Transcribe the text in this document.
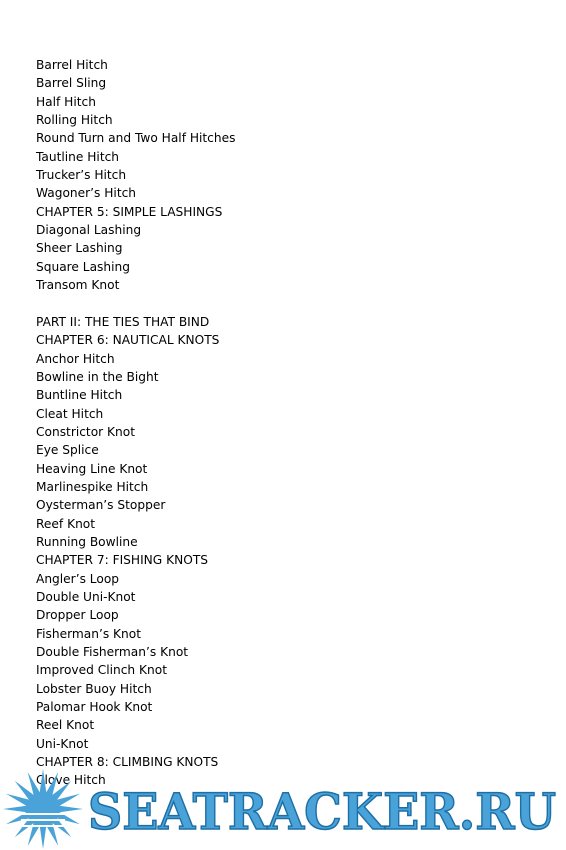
Barrel Hitch
Barrel Sling
Half Hitch
Rolling Hitch
Round Turn and Two Half Hitches
Tautline Hitch
Trucker’s Hitch
Wagoner’s Hitch
CHAPTER 5: SIMPLE LASHINGS
Diagonal Lashing
Sheer Lashing
Square Lashing
Transom Knot
PART II: THE TIES THAT BIND
CHAPTER 6: NAUTICAL KNOTS
Anchor Hitch
Bowline in the Bight
Buntline Hitch
Cleat Hitch
Constrictor Knot
Eye Splice
Heaving Line Knot
Marlinespike Hitch
Oysterman’s Stopper
Reef Knot
Running Bowline
CHAPTER 7: FISHING KNOTS
Angler’s Loop
Double Uni-Knot
Dropper Loop
Fisherman’s Knot
Double Fisherman’s Knot
Improved Clinch Knot
Lobster Buoy Hitch
Palomar Hook Knot
Reel Knot
Uni-Knot
CHAPTER 8: CLIMBING KNOTS
Clove Hitch
SEATRACKER.RU
